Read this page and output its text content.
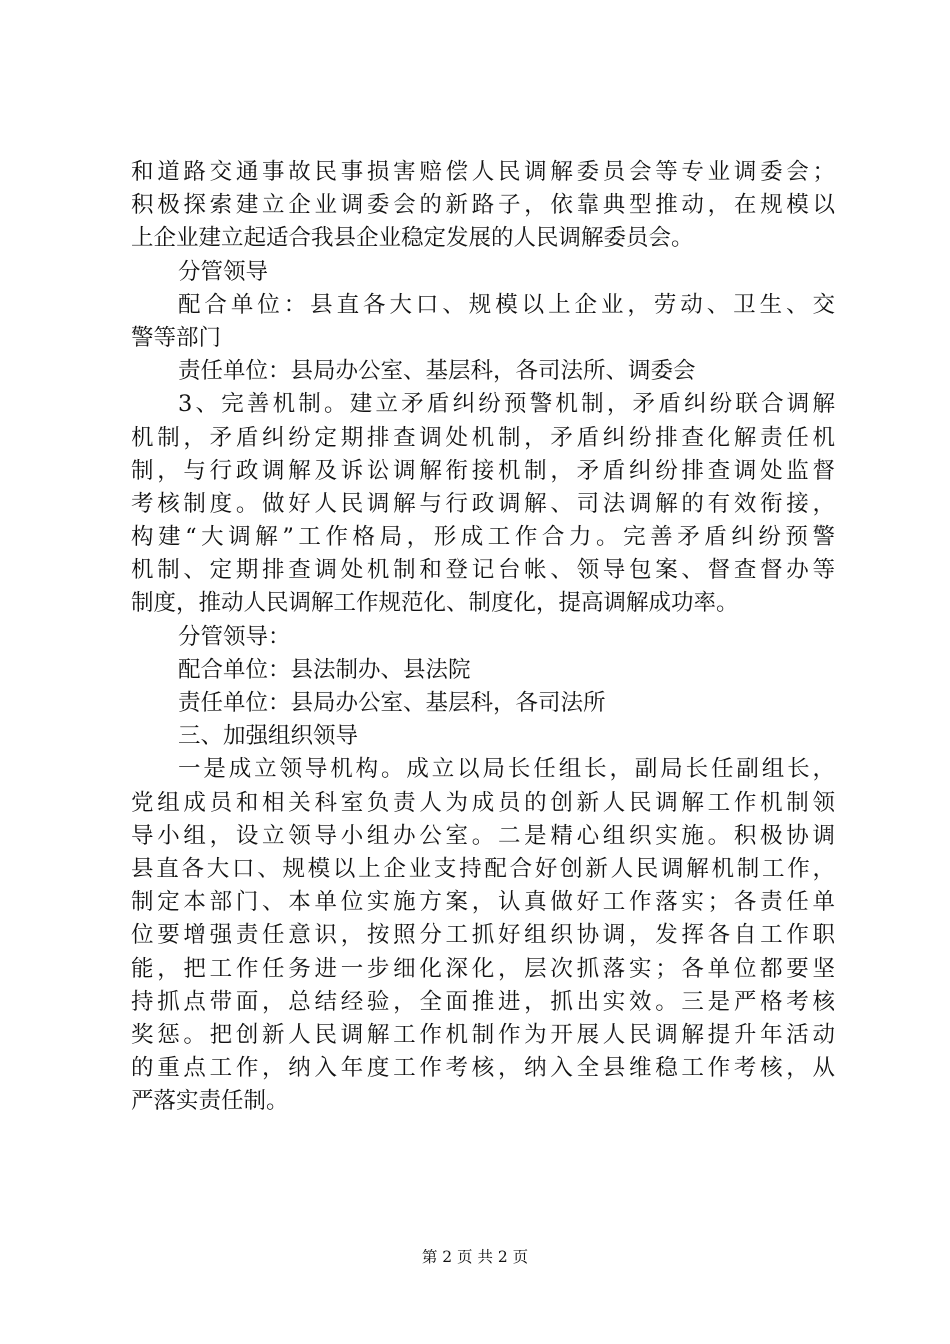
和道路交通事故民事损害赔偿人民调解委员会等专业调委会；
积极探索建立企业调委会的新路子，依靠典型推动，在规模以
上企业建立起适合我县企业稳定发展的人民调解委员会。
分管领导
配合单位：县直各大口、规模以上企业，劳动、卫生、交
警等部门
责任单位：县局办公室、基层科，各司法所、调委会
3、完善机制。建立矛盾纠纷预警机制，矛盾纠纷联合调解
机制，矛盾纠纷定期排查调处机制，矛盾纠纷排查化解责任机
制，与行政调解及诉讼调解衔接机制，矛盾纠纷排查调处监督
考核制度。做好人民调解与行政调解、司法调解的有效衔接，
构建“大调解”工作格局，形成工作合力。完善矛盾纠纷预警
机制、定期排查调处机制和登记台帐、领导包案、督查督办等
制度，推动人民调解工作规范化、制度化，提高调解成功率。
分管领导：
配合单位：县法制办、县法院
责任单位：县局办公室、基层科，各司法所
三、加强组织领导
一是成立领导机构。成立以局长任组长，副局长任副组长，
党组成员和相关科室负责人为成员的创新人民调解工作机制领
导小组，设立领导小组办公室。二是精心组织实施。积极协调
县直各大口、规模以上企业支持配合好创新人民调解机制工作，
制定本部门、本单位实施方案，认真做好工作落实；各责任单
位要增强责任意识，按照分工抓好组织协调，发挥各自工作职
能，把工作任务进一步细化深化，层次抓落实；各单位都要坚
持抓点带面，总结经验，全面推进，抓出实效。三是严格考核
奖惩。把创新人民调解工作机制作为开展人民调解提升年活动
的重点工作，纳入年度工作考核，纳入全县维稳工作考核，从
严落实责任制。
第 2 页 共 2 页
